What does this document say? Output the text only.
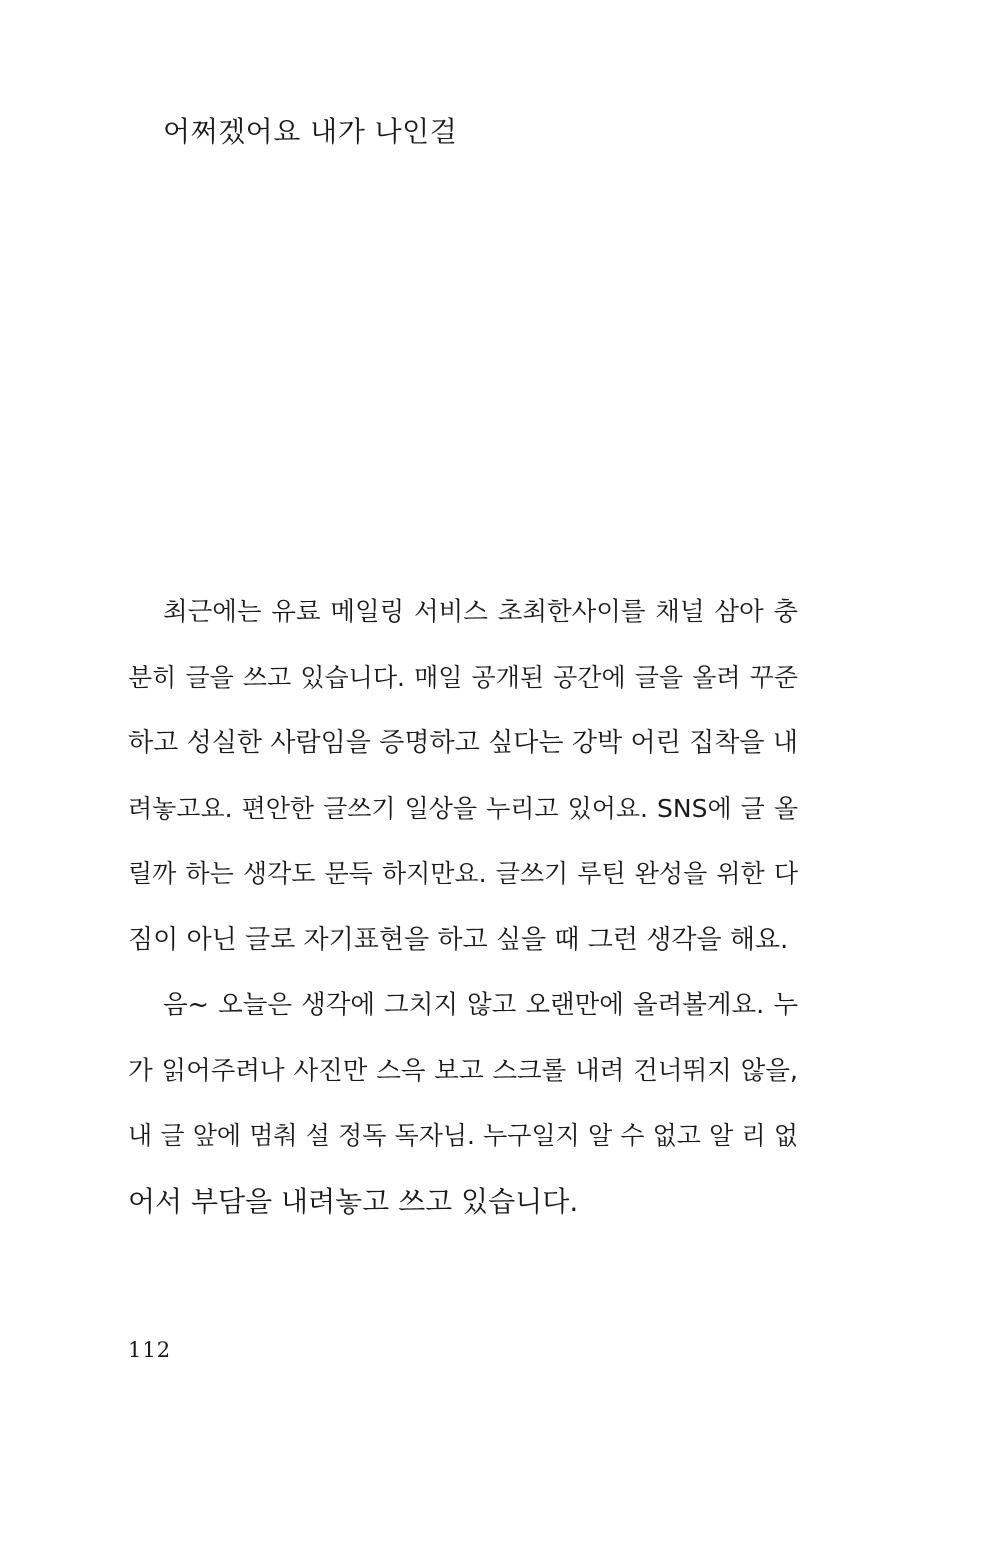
어쩌겠어요 내가 나인걸
최근에는 유료 메일링 서비스 초최한사이를 채널 삼아 충
분히 글을 쓰고 있습니다. 매일 공개된 공간에 글을 올려 꾸준
하고 성실한 사람임을 증명하고 싶다는 강박 어린 집착을 내
려놓고요. 편안한 글쓰기 일상을 누리고 있어요. SNS에 글 올
릴까 하는 생각도 문득 하지만요. 글쓰기 루틴 완성을 위한 다
짐이 아닌 글로 자기표현을 하고 싶을 때 그런 생각을 해요.
음~ 오늘은 생각에 그치지 않고 오랜만에 올려볼게요. 누
가 읽어주려나 사진만 스윽 보고 스크롤 내려 건너뛰지 않을,
내 글 앞에 멈춰 설 정독 독자님. 누구일지 알 수 없고 알 리 없
어서 부담을 내려놓고 쓰고 있습니다.
112
